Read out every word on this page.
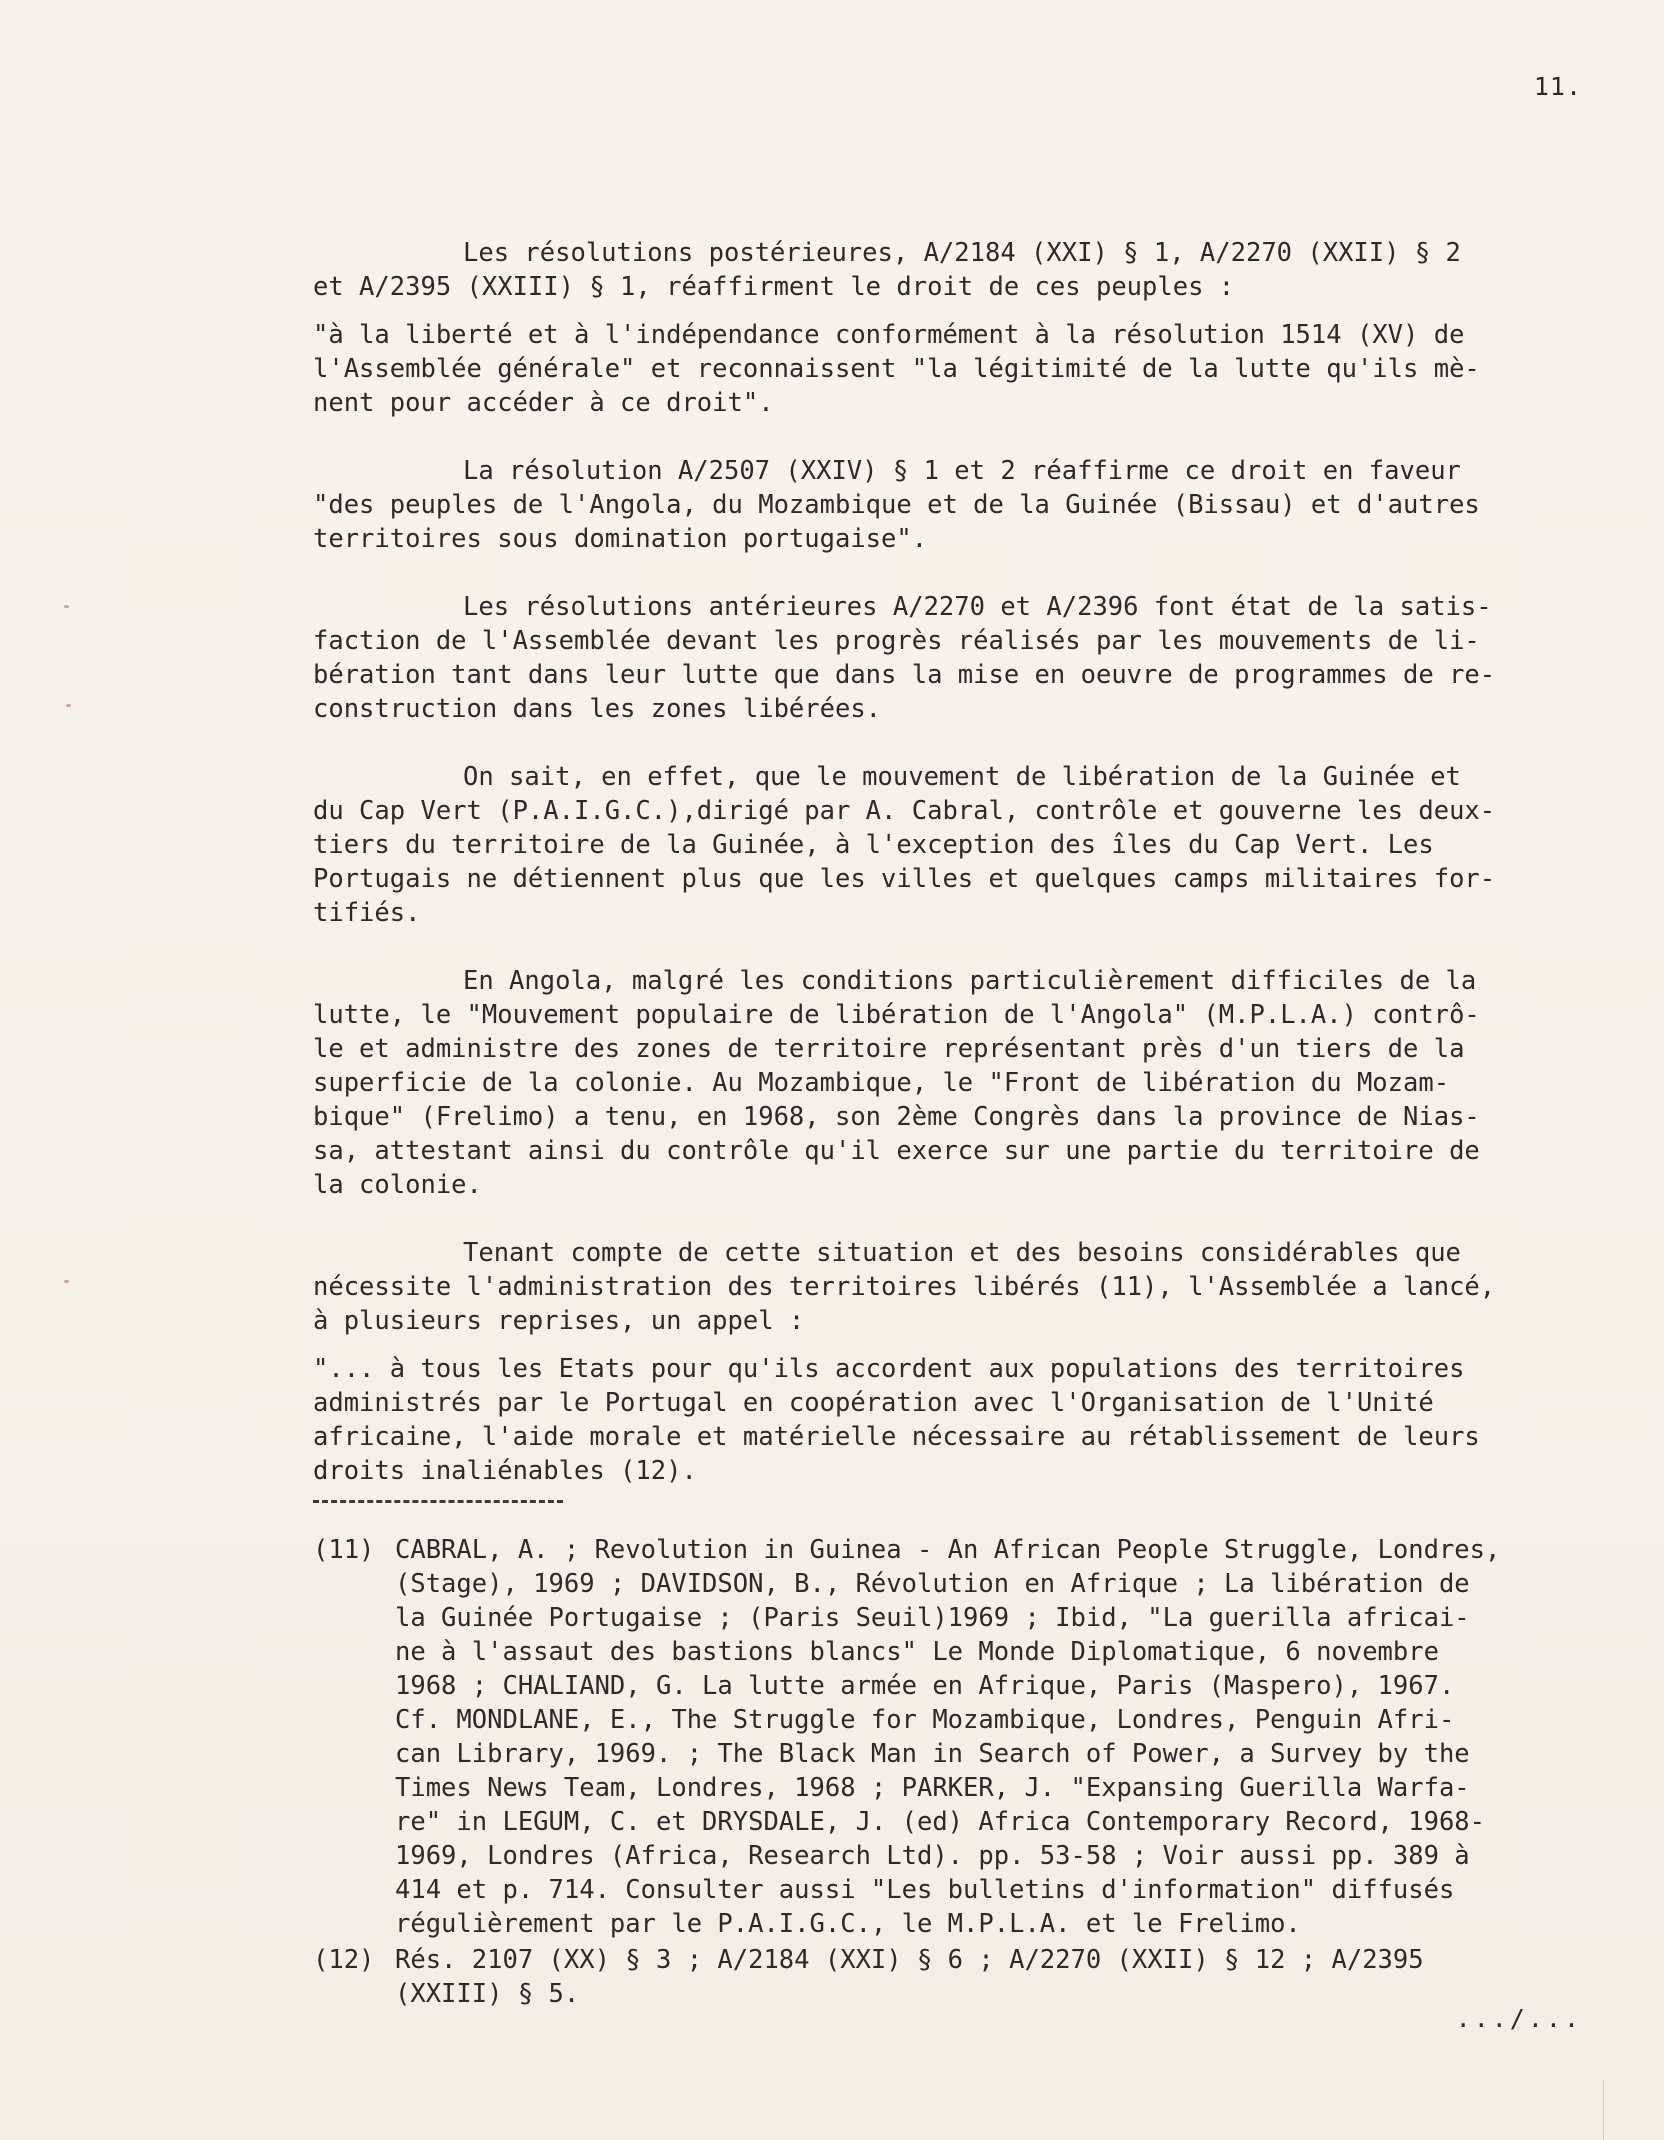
11.
Les résolutions postérieures, A/2184 (XXI) § 1, A/2270 (XXII) § 2
et A/2395 (XXIII) § 1, réaffirment le droit de ces peuples :
"à la liberté et à l'indépendance conformément à la résolution 1514 (XV) de
l'Assemblée générale" et reconnaissent "la légitimité de la lutte qu'ils mè-
nent pour accéder à ce droit".
La résolution A/2507 (XXIV) § 1 et 2 réaffirme ce droit en faveur
"des peuples de l'Angola, du Mozambique et de la Guinée (Bissau) et d'autres
territoires sous domination portugaise".
Les résolutions antérieures A/2270 et A/2396 font état de la satis-
faction de l'Assemblée devant les progrès réalisés par les mouvements de li-
bération tant dans leur lutte que dans la mise en oeuvre de programmes de re-
construction dans les zones libérées.
On sait, en effet, que le mouvement de libération de la Guinée et
du Cap Vert (P.A.I.G.C.),dirigé par A. Cabral, contrôle et gouverne les deux-
tiers du territoire de la Guinée, à l'exception des îles du Cap Vert. Les
Portugais ne détiennent plus que les villes et quelques camps militaires for-
tifiés.
En Angola, malgré les conditions particulièrement difficiles de la
lutte, le "Mouvement populaire de libération de l'Angola" (M.P.L.A.) contrô-
le et administre des zones de territoire représentant près d'un tiers de la
superficie de la colonie. Au Mozambique, le "Front de libération du Mozam-
bique" (Frelimo) a tenu, en 1968, son 2ème Congrès dans la province de Nias-
sa, attestant ainsi du contrôle qu'il exerce sur une partie du territoire de
la colonie.
Tenant compte de cette situation et des besoins considérables que
nécessite l'administration des territoires libérés (11), l'Assemblée a lancé,
à plusieurs reprises, un appel :
"... à tous les Etats pour qu'ils accordent aux populations des territoires
administrés par le Portugal en coopération avec l'Organisation de l'Unité
africaine, l'aide morale et matérielle nécessaire au rétablissement de leurs
droits inaliénables (12).
(11) CABRAL, A. ; Revolution in Guinea - An African People Struggle, Londres,
(Stage), 1969 ; DAVIDSON, B., Révolution en Afrique ; La libération de
la Guinée Portugaise ; (Paris Seuil)1969 ; Ibid, "La guerilla africai-
ne à l'assaut des bastions blancs" Le Monde Diplomatique, 6 novembre
1968 ; CHALIAND, G. La lutte armée en Afrique, Paris (Maspero), 1967.
Cf. MONDLANE, E., The Struggle for Mozambique, Londres, Penguin Afri-
can Library, 1969. ; The Black Man in Search of Power, a Survey by the
Times News Team, Londres, 1968 ; PARKER, J. "Expansing Guerilla Warfa-
re" in LEGUM, C. et DRYSDALE, J. (ed) Africa Contemporary Record, 1968-
1969, Londres (Africa, Research Ltd). pp. 53-58 ; Voir aussi pp. 389 à
414 et p. 714. Consulter aussi "Les bulletins d'information" diffusés
régulièrement par le P.A.I.G.C., le M.P.L.A. et le Frelimo.
(12) Rés. 2107 (XX) § 3 ; A/2184 (XXI) § 6 ; A/2270 (XXII) § 12 ; A/2395
(XXIII) § 5.
.../...
